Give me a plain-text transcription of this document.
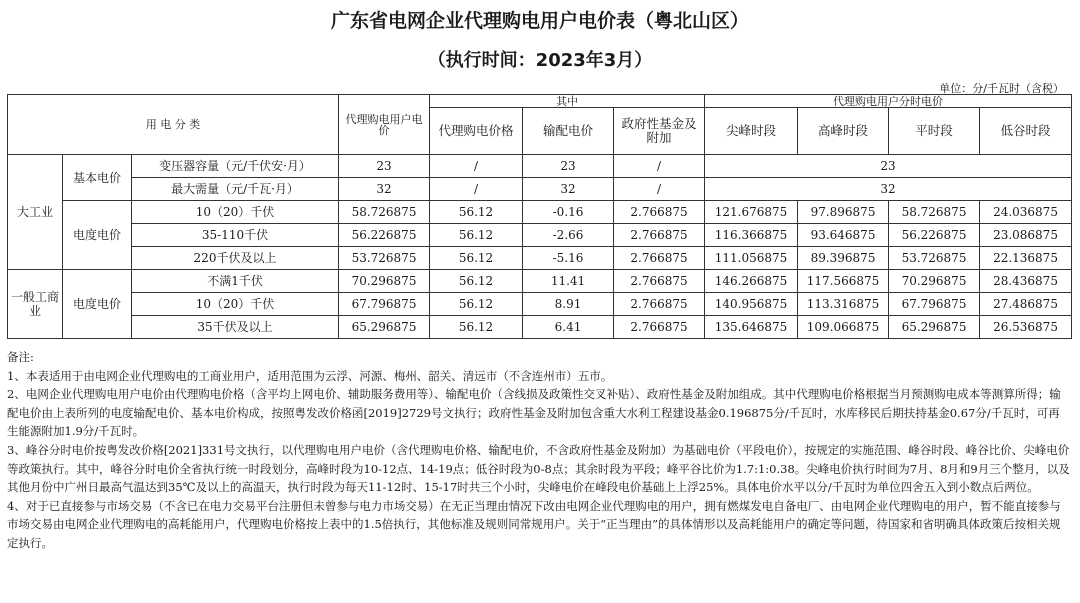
广东省电网企业代理购电用户电价表（粤北山区）
（执行时间：2023年3月）
单位：分/千瓦时（含税）
用 电 分 类			代理购电用户电价	其中			代理购电用户分时电价			
				代理购电价格	输配电价	政府性基金及附加	尖峰时段	高峰时段	平时段	低谷时段
大工业	基本电价	变压器容量（元/千伏安·月）	23	/	23	/	23			
		最大需量（元/千瓦·月）	32	/	32	/	32			
	电度电价	10（20）千伏	58.726875	56.12	-0.16	2.766875	121.676875	97.896875	58.726875	24.036875
		35-110千伏	56.226875	56.12	-2.66	2.766875	116.366875	93.646875	56.226875	23.086875
		220千伏及以上	53.726875	56.12	-5.16	2.766875	111.056875	89.396875	53.726875	22.136875
一般工商业	电度电价	不满1千伏	70.296875	56.12	11.41	2.766875	146.266875	117.566875	70.296875	28.436875
		10（20）千伏	67.796875	56.12	8.91	2.766875	140.956875	113.316875	67.796875	27.486875
		35千伏及以上	65.296875	56.12	6.41	2.766875	135.646875	109.066875	65.296875	26.536875

备注:

1、本表适用于由电网企业代理购电的工商业用户，适用范围为云浮、河源、梅州、韶关、清远市（不含连州市）五市。

2、电网企业代理购电用户电价由代理购电价格（含平均上网电价、辅助服务费用等）、输配电价（含线损及政策性交叉补贴）、政府性基金及附加组成。其中代理购电价格根据当月预测购电成本等测算所得；输配电价由上表所列的电度输配电价、基本电价构成，按照粤发改价格函[2019]2729号文执行；政府性基金及附加包含重大水利工程建设基金0.196875分/千瓦时，水库移民后期扶持基金0.67分/千瓦时，可再生能源附加1.9分/千瓦时。

3、峰谷分时电价按粤发改价格[2021]331号文执行，以代理购电用户电价（含代理购电价格、输配电价，不含政府性基金及附加）为基础电价（平段电价），按规定的实施范围、峰谷时段、峰谷比价、尖峰电价等政策执行。其中，峰谷分时电价全省执行统一时段划分，高峰时段为10-12点、14-19点；低谷时段为0-8点；其余时段为平段；峰平谷比价为1.7:1:0.38。尖峰电价执行时间为7月、8月和9月三个整月，以及其他月份中广州日最高气温达到35℃及以上的高温天，执行时段为每天11-12时、15-17时共三个小时，尖峰电价在峰段电价基础上上浮25%。具体电价水平以分/千瓦时为单位四舍五入到小数点后两位。

4、对于已直接参与市场交易（不含已在电力交易平台注册但未曾参与电力市场交易）在无正当理由情况下改由电网企业代理购电的用户，拥有燃煤发电自备电厂、由电网企业代理购电的用户，暂不能直接参与市场交易由电网企业代理购电的高耗能用户，代理购电价格按上表中的1.5倍执行，其他标准及规则同常规用户。关于“正当理由”的具体情形以及高耗能用户的确定等问题，待国家和省明确具体政策后按相关规定执行。
